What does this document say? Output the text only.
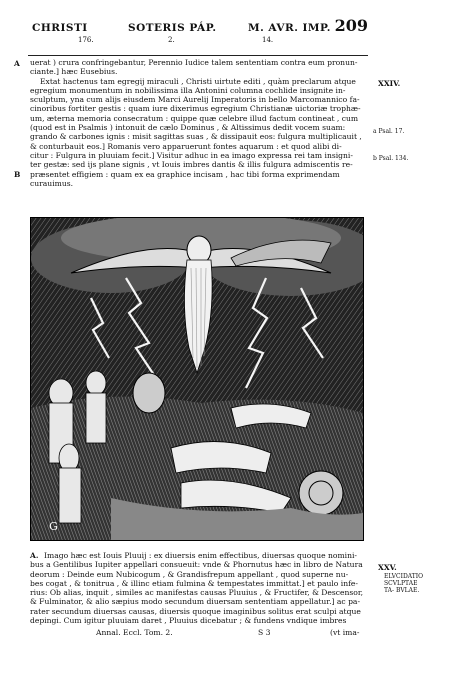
CHRISTI	SOTERIS PÁP.	M. AVR. IMP.
176.	2.	14.
209
A
XXIV.
a Psal. 17.
b Psal. 134.
B
uerat ) crura confringebantur, Perennio Iudice talem sententiam contra eum pronun-
ciante.] hæc Eusebius.
Extat hactenus tam egregij miraculi , Christi uirtute editi , quàm preclarum atque
egregium monumentum in nobilissima illa Antonini columna cochlide insignite in-
sculptum, yna cum alijs eiusdem Marci Aurelij Imperatoris in bello Marcomannico fa-
cinoribus fortiter gestis : quam iure dixerimus egregium Christianæ uictoriæ trophæ-
um, æterna memoria consecratum : quippe quæ celebre illud factum contineat , cum
(quod est in Psalmis ) intonuit de cælo Dominus , & Altissimus dedit vocem suam:
grando & carbones ignis : misit sagittas suas , & dissipauit eos: fulgura multiplicauit ,
& conturbauit eos.] Romanis vero apparuerunt fontes aquarum : et quod alibi di-
citur : Fulgura in pluuiam fecit.] Visitur adhuc in ea imago expressa rei tam insigni-
ter gestæ: sed ijs plane signis , vt Iouis imbres dantis & illis fulgura admiscentis re-
præsentet effigiem : quam ex ea graphice incisam , hac tibi forma exprimendam
curauimus.
G
XXV.
ELVCIDATIO SCVLPTAE TA- BVLAE.
A. Imago hæc est Iouis Pluuij : ex diuersis enim effectibus, diuersas quoque nomini-
bus a Gentilibus Iupiter appellari consueuit: vnde & Phornutus hæc in libro de Natura
deorum : Deinde eum Nubicogum , & Grandisfrepum appellant , quod superne nu-
bes cogat , & tonitrua , & illinc etiam fulmina & tempestates immittat.] et paulo infe-
rius: Ob alias, inquit , similes ac manifestas causas Pluuius , & Fructifer, & Descensor,
& Fulminator, & alio sæpius modo secundum diuersam sententiam appellatur.] ac pa-
rater secundum diuersas causas, diuersis quoque imaginibus solitus erat sculpi atque
depingi. Cum igitur pluuiam daret , Pluuius dicebatur ; & fundens vndique imbres
Annal. Eccl. Tom. 2.	S 3	(vt ima-
